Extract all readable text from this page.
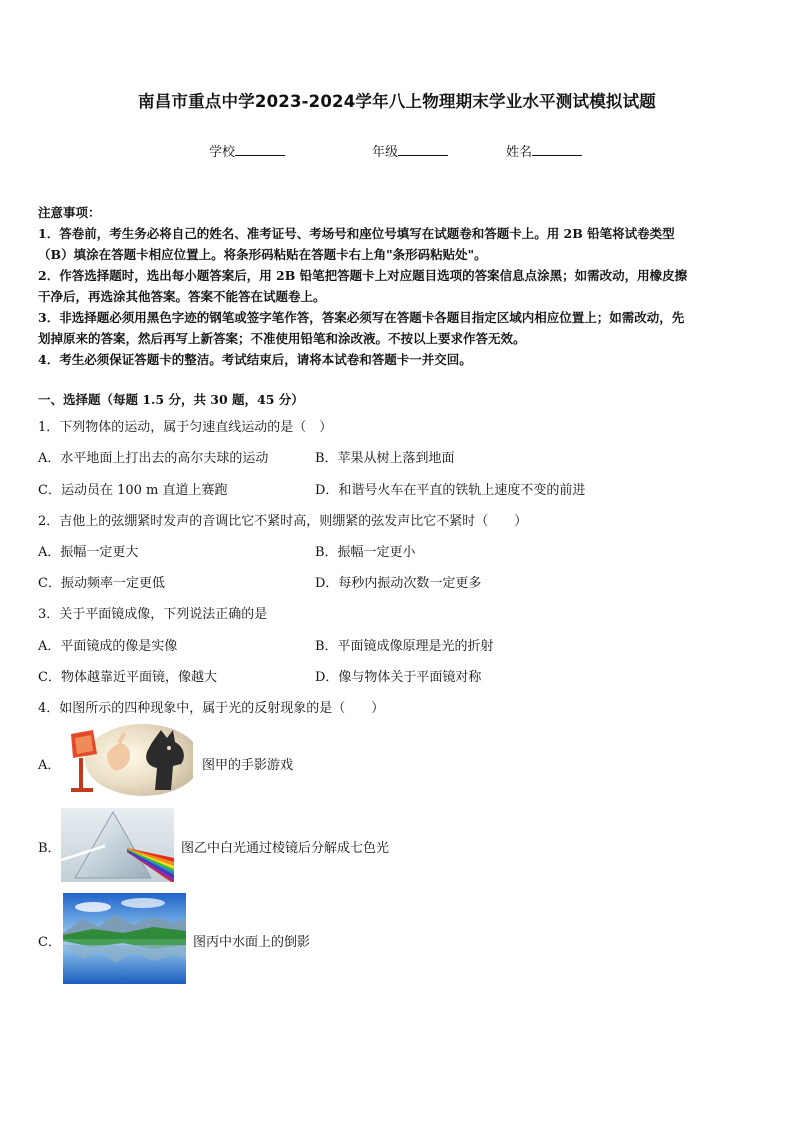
南昌市重点中学2023-2024学年八上物理期末学业水平测试模拟试题
学校	年级	姓名
注意事项：
1．答卷前，考生务必将自己的姓名、准考证号、考场号和座位号填写在试题卷和答题卡上。用 2B 铅笔将试卷类型
（B）填涂在答题卡相应位置上。将条形码粘贴在答题卡右上角"条形码粘贴处"。
2．作答选择题时，选出每小题答案后，用 2B 铅笔把答题卡上对应题目选项的答案信息点涂黑；如需改动，用橡皮擦
干净后，再选涂其他答案。答案不能答在试题卷上。
3．非选择题必须用黑色字迹的钢笔或签字笔作答，答案必须写在答题卡各题目指定区域内相应位置上；如需改动，先
划掉原来的答案，然后再写上新答案；不准使用铅笔和涂改液。不按以上要求作答无效。
4．考生必须保证答题卡的整洁。考试结束后，请将本试卷和答题卡一并交回。
一、选择题（每题 1.5 分，共 30 题，45 分）
1．下列物体的运动，属于匀速直线运动的是（　）
A．水平地面上打出去的高尔夫球的运动	B．苹果从树上落到地面
C．运动员在 100 m 直道上赛跑	D．和谐号火车在平直的铁轨上速度不变的前进
2．吉他上的弦绷紧时发声的音调比它不紧时高，则绷紧的弦发声比它不紧时（　　）
A．振幅一定更大	B．振幅一定更小
C．振动频率一定更低	D．每秒内振动次数一定更多
3．关于平面镜成像，下列说法正确的是
A．平面镜成的像是实像	B．平面镜成像原理是光的折射
C．物体越靠近平面镜，像越大	D．像与物体关于平面镜对称
4．如图所示的四种现象中，属于光的反射现象的是（　　）
A．	图甲的手影游戏
B．	图乙中白光通过棱镜后分解成七色光
C．	图丙中水面上的倒影
